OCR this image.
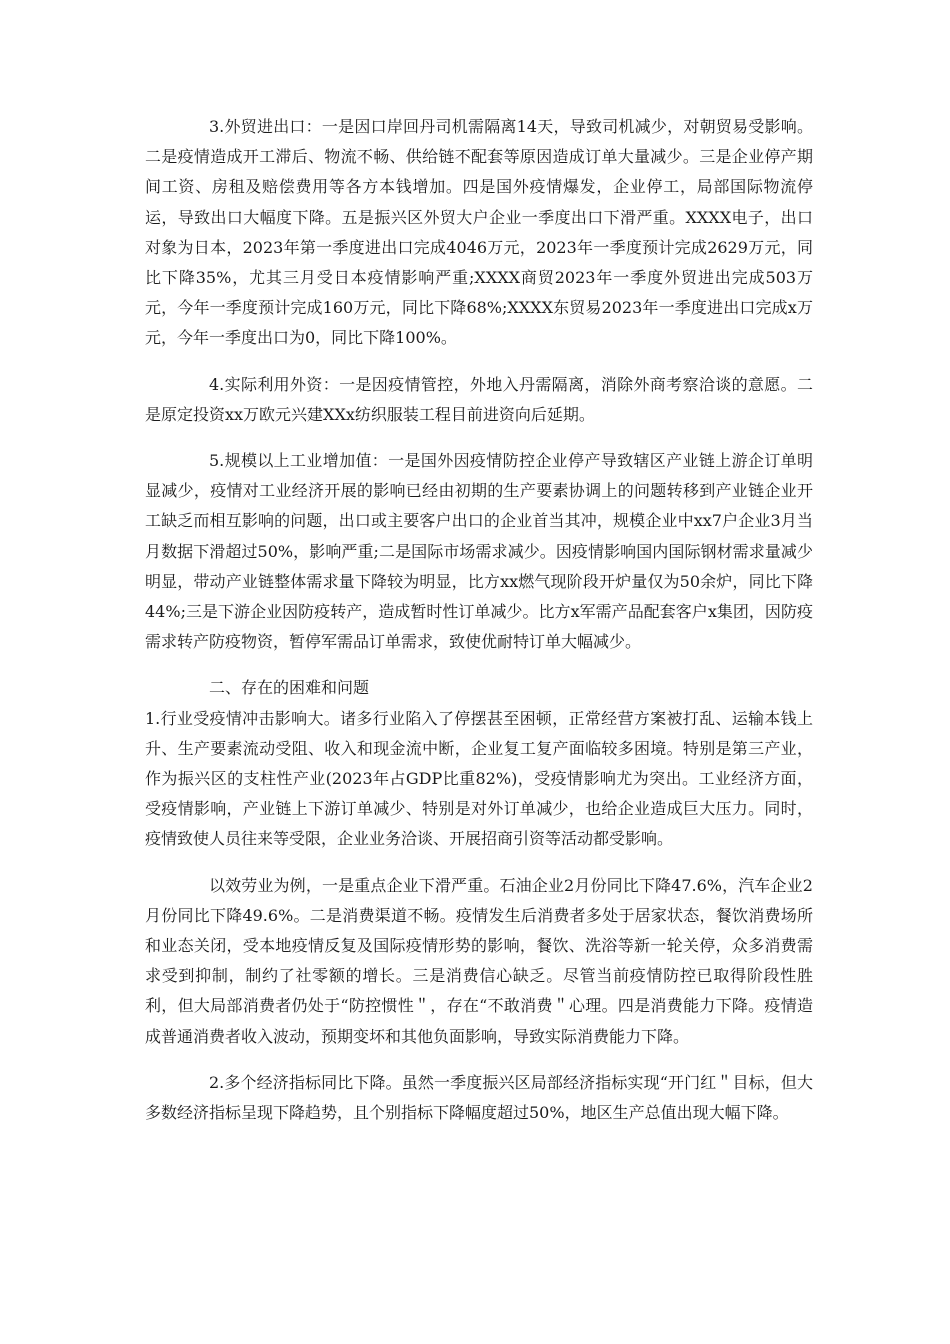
3.外贸进出口：一是因口岸回丹司机需隔离14天，导致司机减少，对朝贸易受影响。二是疫情造成开工滞后、物流不畅、供给链不配套等原因造成订单大量减少。三是企业停产期间工资、房租及赔偿费用等各方本钱增加。四是国外疫情爆发，企业停工，局部国际物流停运，导致出口大幅度下降。五是振兴区外贸大户企业一季度出口下滑严重。XXXX电子，出口对象为日本，2023年第一季度进出口完成4046万元，2023年一季度预计完成2629万元，同比下降35%，尤其三月受日本疫情影响严重;XXXX商贸2023年一季度外贸进出完成503万元，今年一季度预计完成160万元，同比下降68%;XXXX东贸易2023年一季度进出口完成x万元，今年一季度出口为0，同比下降100%。

4.实际利用外资：一是因疫情管控，外地入丹需隔离，消除外商考察洽谈的意愿。二是原定投资xx万欧元兴建XXx纺织服装工程目前进资向后延期。

5.规模以上工业增加值：一是国外因疫情防控企业停产导致辖区产业链上游企订单明显减少，疫情对工业经济开展的影响已经由初期的生产要素协调上的问题转移到产业链企业开工缺乏而相互影响的问题，出口或主要客户出口的企业首当其冲，规模企业中xx7户企业3月当月数据下滑超过50%，影响严重;二是国际市场需求减少。因疫情影响国内国际钢材需求量减少明显，带动产业链整体需求量下降较为明显，比方xx燃气现阶段开炉量仅为50余炉，同比下降44%;三是下游企业因防疫转产，造成暂时性订单减少。比方x军需产品配套客户x集团，因防疫需求转产防疫物资，暂停军需品订单需求，致使优耐特订单大幅减少。

二、存在的困难和问题

1.行业受疫情冲击影响大。诸多行业陷入了停摆甚至困顿，正常经营方案被打乱、运输本钱上升、生产要素流动受阻、收入和现金流中断，企业复工复产面临较多困境。特别是第三产业，作为振兴区的支柱性产业(2023年占GDP比重82%)，受疫情影响尤为突出。工业经济方面，受疫情影响，产业链上下游订单减少、特别是对外订单减少，也给企业造成巨大压力。同时，疫情致使人员往来等受限，企业业务洽谈、开展招商引资等活动都受影响。

以效劳业为例，一是重点企业下滑严重。石油企业2月份同比下降47.6%，汽车企业2月份同比下降49.6%。二是消费渠道不畅。疫情发生后消费者多处于居家状态，餐饮消费场所和业态关闭，受本地疫情反复及国际疫情形势的影响，餐饮、洗浴等新一轮关停，众多消费需求受到抑制，制约了社零额的增长。三是消费信心缺乏。尽管当前疫情防控已取得阶段性胜利，但大局部消费者仍处于“防控惯性＂，存在“不敢消费＂心理。四是消费能力下降。疫情造成普通消费者收入波动，预期变坏和其他负面影响，导致实际消费能力下降。

2.多个经济指标同比下降。虽然一季度振兴区局部经济指标实现“开门红＂目标，但大多数经济指标呈现下降趋势，且个别指标下降幅度超过50%，地区生产总值出现大幅下降。
